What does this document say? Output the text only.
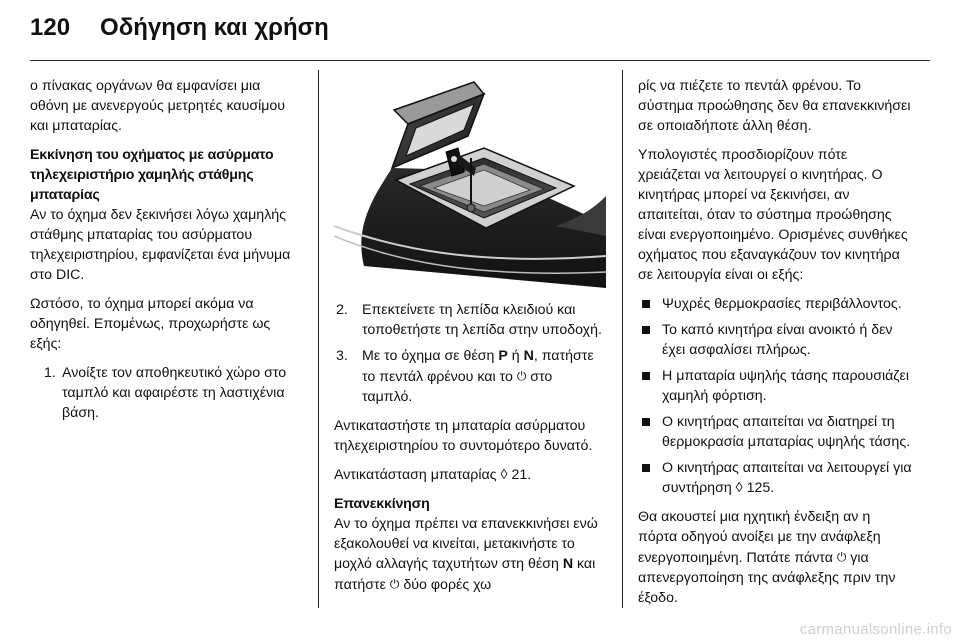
120 Οδήγηση και χρήση

ο πίνακας οργάνων θα εμφανίσει μια οθόνη με ανενεργούς μετρητές καυσίμου και μπαταρίας.

Εκκίνηση του οχήματος με ασύρματο τηλεχειριστήριο χαμηλής στάθμης μπαταρίας

Αν το όχημα δεν ξεκινήσει λόγω χαμηλής στάθμης μπαταρίας του ασύρματου τηλεχειριστηρίου, εμφανίζεται ένα μήνυμα στο DIC.

Ωστόσο, το όχημα μπορεί ακόμα να οδηγηθεί. Επομένως, προχωρήστε ως εξής:

1. Ανοίξτε τον αποθηκευτικό χώρο στο ταμπλό και αφαιρέστε τη λαστιχένια βάση.
2. Επεκτείνετε τη λεπίδα κλειδιού και τοποθετήστε τη λεπίδα στην υποδοχή.
3. Με το όχημα σε θέση P ή N, πατήστε το πεντάλ φρένου και το ⏻ στο ταμπλό.

Αντικαταστήστε τη μπαταρία ασύρματου τηλεχειριστηρίου το συντομότερο δυνατό.

Αντικατάσταση μπαταρίας ◊ 21.

Επανεκκίνηση

Αν το όχημα πρέπει να επανεκκινήσει ενώ εξακολουθεί να κινείται, μετακινήστε το μοχλό αλλαγής ταχυτήτων στη θέση N και πατήστε ⏻ δύο φορές χω

ρίς να πιέζετε το πεντάλ φρένου. Το σύστημα προώθησης δεν θα επανεκκινήσει σε οποιαδήποτε άλλη θέση.

Υπολογιστές προσδιορίζουν πότε χρειάζεται να λειτουργεί ο κινητήρας. Ο κινητήρας μπορεί να ξεκινήσει, αν απαιτείται, όταν το σύστημα προώθησης είναι ενεργοποιημένο. Ορισμένες συνθήκες οχήματος που εξαναγκάζουν τον κινητήρα σε λειτουργία είναι οι εξής:

Ψυχρές θερμοκρασίες περιβάλλοντος.
Το καπό κινητήρα είναι ανοικτό ή δεν έχει ασφαλίσει πλήρως.
Η μπαταρία υψηλής τάσης παρουσιάζει χαμηλή φόρτιση.
Ο κινητήρας απαιτείται να διατηρεί τη θερμοκρασία μπαταρίας υψηλής τάσης.
Ο κινητήρας απαιτείται να λειτουργεί για συντήρηση ◊ 125.

Θα ακουστεί μια ηχητική ένδειξη αν η πόρτα οδηγού ανοίξει με την ανάφλεξη ενεργοποιημένη. Πατάτε πάντα ⏻ για απενεργοποίηση της ανάφλεξης πριν την έξοδο.

carmanualsonline.info
